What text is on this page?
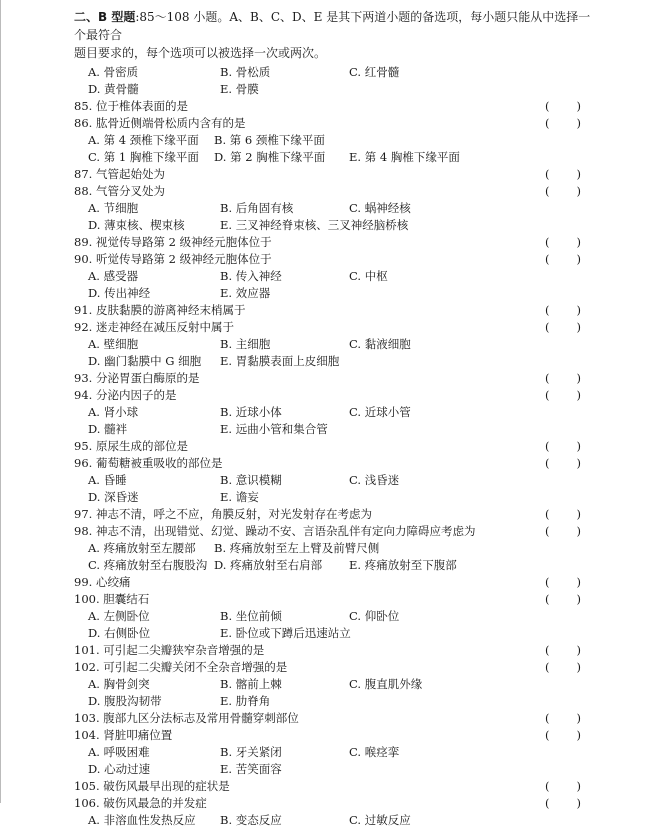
二、B 型题:85～108 小题。A、B、C、D、E 是其下两道小题的备选项，每小题只能从中选择一个最符合
题目要求的，每个选项可以被选择一次或两次。
A. 骨密质	B. 骨松质	C. 红骨髓
D. 黄骨髓	E. 骨膜
85. 位于椎体表面的是	( )
86. 肱骨近侧端骨松质内含有的是	( )
A. 第 4 颈椎下缘平面 B. 第 6 颈椎下缘平面
C. 第 1 胸椎下缘平面 D. 第 2 胸椎下缘平面 E. 第 4 胸椎下缘平面
87. 气管起始处为	( )
88. 气管分叉处为	( )
A. 节细胞	B. 后角固有核	C. 蜗神经核
D. 薄束核、楔束核	E. 三叉神经脊束核、三叉神经脑桥核
89. 视觉传导路第 2 级神经元胞体位于	( )
90. 听觉传导路第 2 级神经元胞体位于	( )
A. 感受器	B. 传入神经	C. 中枢
D. 传出神经	E. 效应器
91. 皮肤黏膜的游离神经末梢属于	( )
92. 迷走神经在减压反射中属于	( )
A. 壁细胞	B. 主细胞	C. 黏液细胞
D. 幽门黏膜中 G 细胞 E. 胃黏膜表面上皮细胞
93. 分泌胃蛋白酶原的是	( )
94. 分泌内因子的是	( )
A. 肾小球	B. 近球小体	C. 近球小管
D. 髓袢	E. 远曲小管和集合管
95. 原尿生成的部位是	( )
96. 葡萄糖被重吸收的部位是	( )
A. 昏睡	B. 意识模糊	C. 浅昏迷
D. 深昏迷	E. 谵妄
97. 神志不清，呼之不应，角膜反射，对光发射存在考虑为	( )
98. 神志不清，出现错觉、幻觉、躁动不安、言语杂乱伴有定向力障碍应考虑为	( )
A. 疼痛放射至左腰部 B. 疼痛放射至左上臂及前臂尺侧
C. 疼痛放射至右腹股沟 D. 疼痛放射至右肩部 E. 疼痛放射至下腹部
99. 心绞痛	( )
100. 胆囊结石	( )
A. 左侧卧位	B. 坐位前倾	C. 仰卧位
D. 右侧卧位	E. 卧位或下蹲后迅速站立
101. 可引起二尖瓣狭窄杂音增强的是	( )
102. 可引起二尖瓣关闭不全杂音增强的是	( )
A. 胸骨剑突	B. 髂前上棘	C. 腹直肌外缘
D. 腹股沟韧带	E. 肋脊角
103. 腹部九区分法标志及常用骨髓穿刺部位	( )
104. 肾脏叩痛位置	( )
A. 呼吸困难	B. 牙关紧闭	C. 喉痉挛
D. 心动过速	E. 苦笑面容
105. 破伤风最早出现的症状是	( )
106. 破伤风最急的并发症	( )
A. 非溶血性发热反应 B. 变态反应	C. 过敏反应
